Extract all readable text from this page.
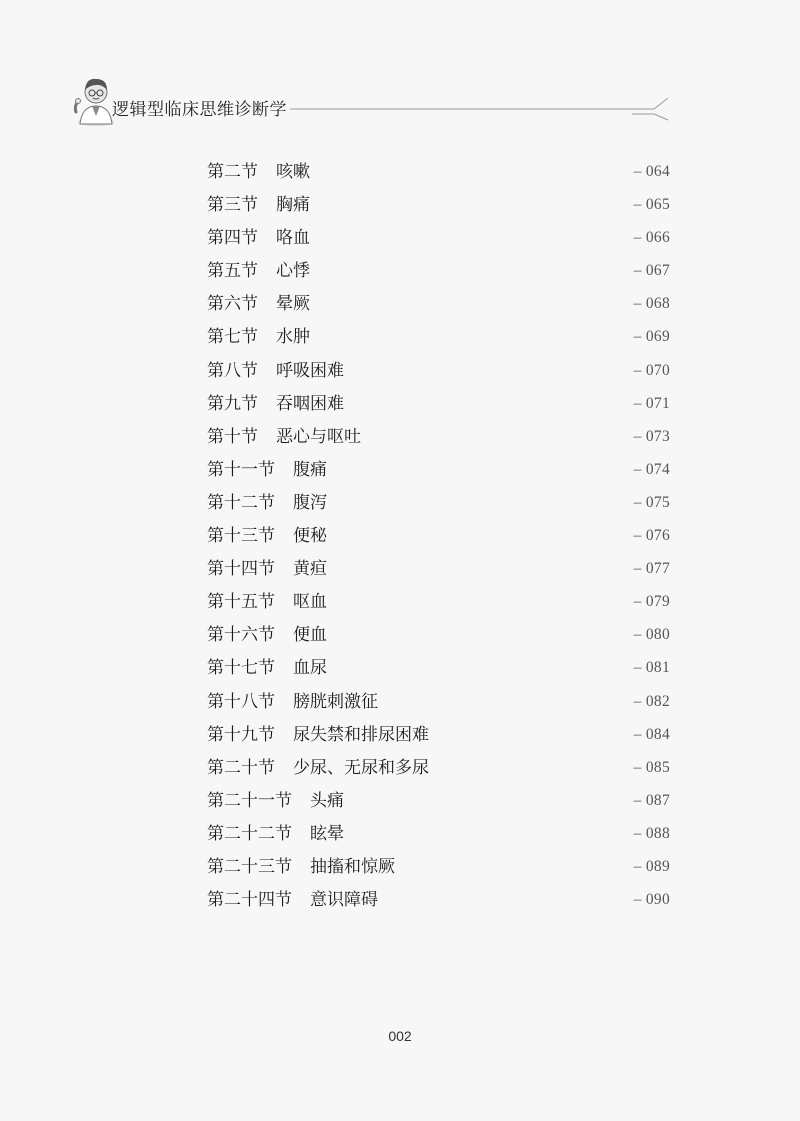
逻辑型临床思维诊断学
第二节 咳嗽	– 064
第三节 胸痛	– 065
第四节 咯血	– 066
第五节 心悸	– 067
第六节 晕厥	– 068
第七节 水肿	– 069
第八节 呼吸困难	– 070
第九节 吞咽困难	– 071
第十节 恶心与呕吐	– 073
第十一节 腹痛	– 074
第十二节 腹泻	– 075
第十三节 便秘	– 076
第十四节 黄疸	– 077
第十五节 呕血	– 079
第十六节 便血	– 080
第十七节 血尿	– 081
第十八节 膀胱刺激征	– 082
第十九节 尿失禁和排尿困难	– 084
第二十节 少尿、无尿和多尿	– 085
第二十一节 头痛	– 087
第二十二节 眩晕	– 088
第二十三节 抽搐和惊厥	– 089
第二十四节 意识障碍	– 090
002
